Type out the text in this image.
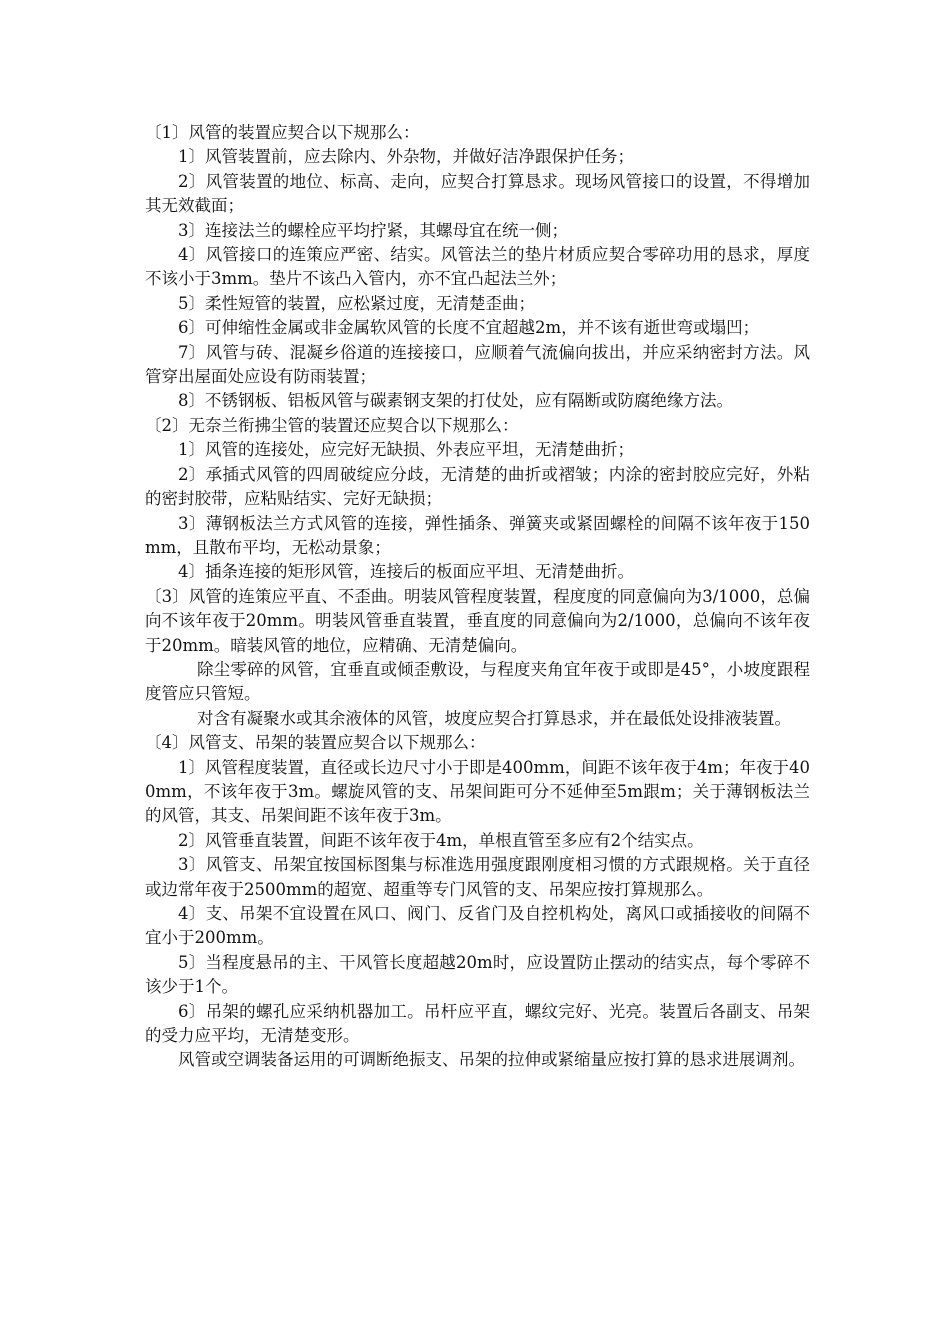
〔1〕风管的装置应契合以下规那么：

1〕风管装置前，应去除内、外杂物，并做好洁净跟保护任务；

2〕风管装置的地位、标高、走向，应契合打算恳求。现场风管接口的设置，不得增加其无效截面；

3〕连接法兰的螺栓应平均拧紧，其螺母宜在统一侧；

4〕风管接口的连策应严密、结实。风管法兰的垫片材质应契合零碎功用的恳求，厚度不该小于3mm。垫片不该凸入管内，亦不宜凸起法兰外；

5〕柔性短管的装置，应松紧过度，无清楚歪曲；

6〕可伸缩性金属或非金属软风管的长度不宜超越2m，并不该有逝世弯或塌凹；

7〕风管与砖、混凝乡俗道的连接接口，应顺着气流偏向拔出，并应采纳密封方法。风管穿出屋面处应设有防雨装置；

8〕不锈钢板、铝板风管与碳素钢支架的打仗处，应有隔断或防腐绝缘方法。

〔2〕无奈兰衔拂尘管的装置还应契合以下规那么：

1〕风管的连接处，应完好无缺损、外表应平坦，无清楚曲折；

2〕承插式风管的四周破绽应分歧，无清楚的曲折或褶皱；内涂的密封胶应完好，外粘的密封胶带，应粘贴结实、完好无缺损；

3〕薄钢板法兰方式风管的连接，弹性插条、弹簧夹或紧固螺栓的间隔不该年夜于150mm，且散布平均，无松动景象；

4〕插条连接的矩形风管，连接后的板面应平坦、无清楚曲折。

〔3〕风管的连策应平直、不歪曲。明装风管程度装置，程度度的同意偏向为3/1000，总偏向不该年夜于20mm。明装风管垂直装置，垂直度的同意偏向为2/1000，总偏向不该年夜于20mm。暗装风管的地位，应精确、无清楚偏向。

除尘零碎的风管，宜垂直或倾歪敷设，与程度夹角宜年夜于或即是45°，小坡度跟程度管应只管短。

对含有凝聚水或其余液体的风管，坡度应契合打算恳求，并在最低处设排液装置。

〔4〕风管支、吊架的装置应契合以下规那么：

1〕风管程度装置，直径或长边尺寸小于即是400mm，间距不该年夜于4m；年夜于400mm，不该年夜于3m。螺旋风管的支、吊架间距可分不延伸至5m跟m；关于薄钢板法兰的风管，其支、吊架间距不该年夜于3m。

2〕风管垂直装置，间距不该年夜于4m，单根直管至多应有2个结实点。

3〕风管支、吊架宜按国标图集与标准选用强度跟刚度相习惯的方式跟规格。关于直径或边常年夜于2500mm的超宽、超重等专门风管的支、吊架应按打算规那么。

4〕支、吊架不宜设置在风口、阀门、反省门及自控机构处，离风口或插接收的间隔不宜小于200mm。

5〕当程度悬吊的主、干风管长度超越20m时，应设置防止摆动的结实点，每个零碎不该少于1个。

6〕吊架的螺孔应采纳机器加工。吊杆应平直，螺纹完好、光亮。装置后各副支、吊架的受力应平均，无清楚变形。

风管或空调装备运用的可调断绝振支、吊架的拉伸或紧缩量应按打算的恳求进展调剂。
